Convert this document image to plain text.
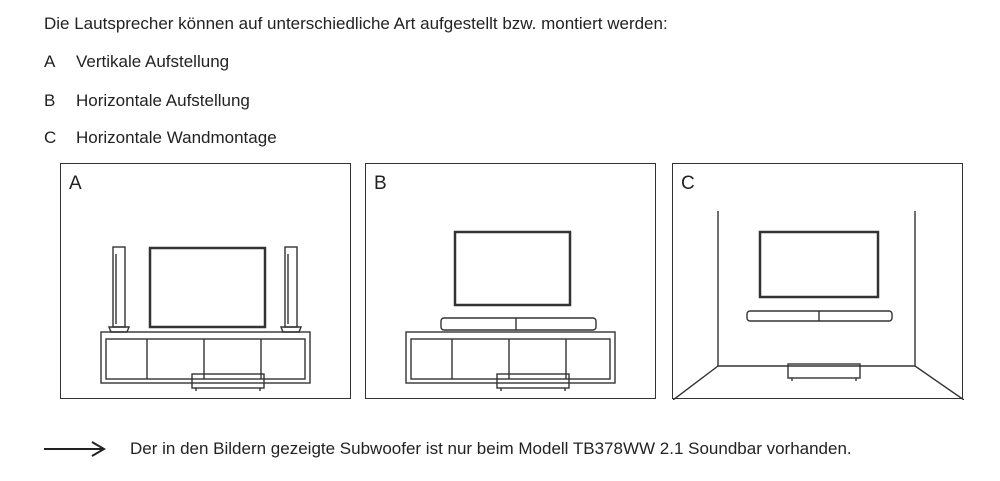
Die Lautsprecher können auf unterschiedliche Art aufgestellt bzw. montiert werden:
A Vertikale Aufstellung
B Horizontale Aufstellung
C Horizontale Wandmontage
A	B	C
Der in den Bildern gezeigte Subwoofer ist nur beim Modell TB378WW 2.1 Soundbar vorhanden.
